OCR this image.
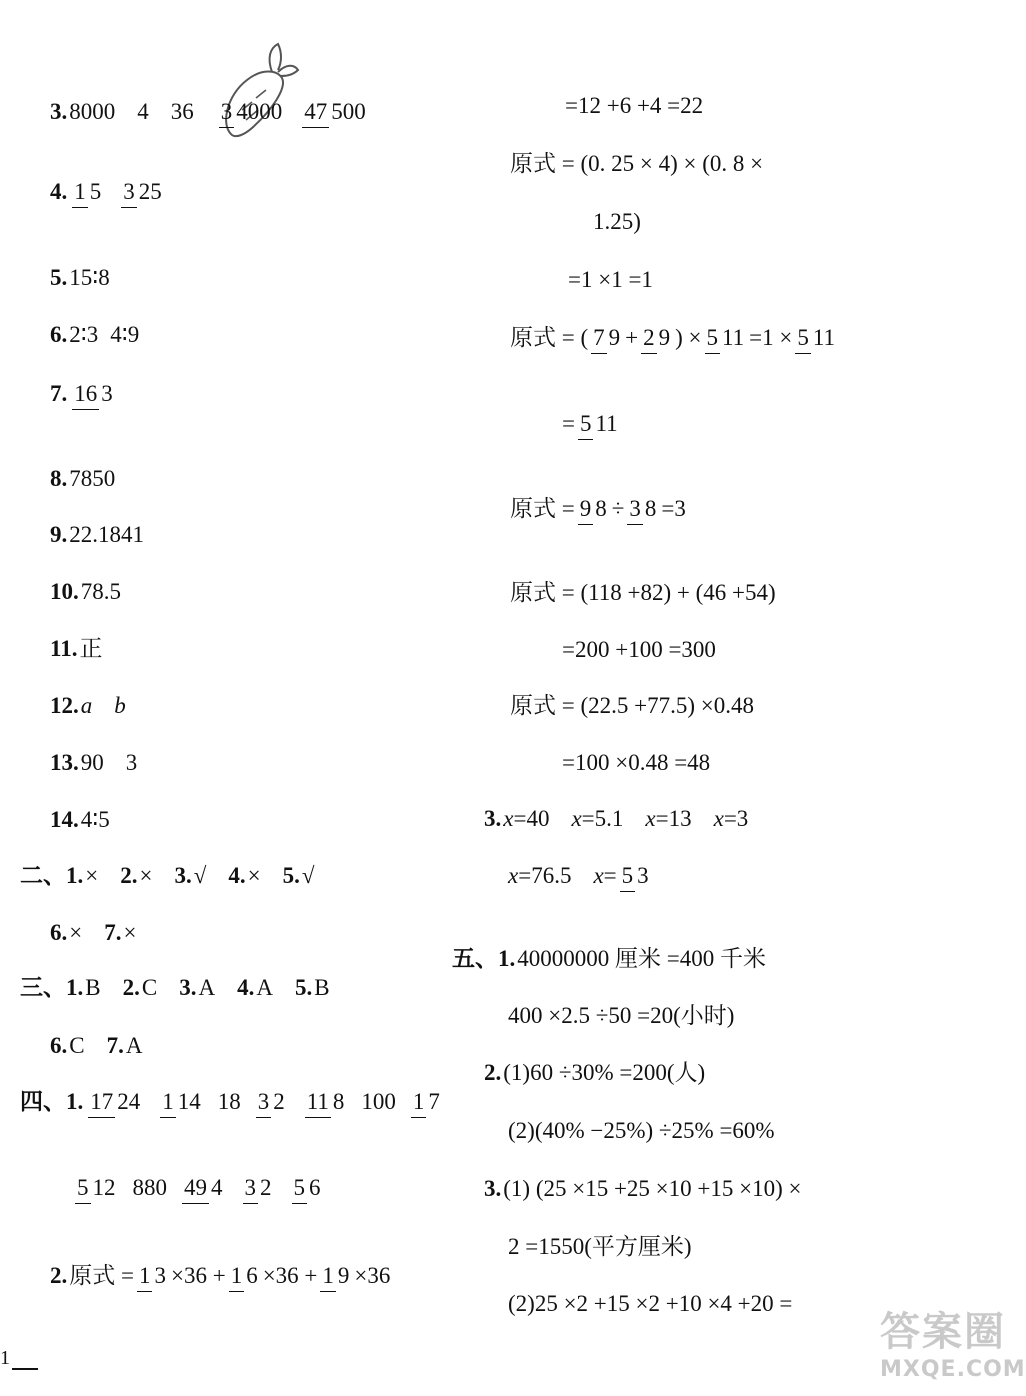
3. 8000 4 36 3 4000 47 500
4. 1 5 3 25
5. 15∶8
6. 2∶3 4∶9
7. 16 3
8. 7850
9. 22.1841
10. 78.5
11. 正
12. a b
13. 90 3
14. 4∶5
二、 1. × 2. × 3. √ 4. × 5. √
6. × 7. ×
三、 1. B 2. C 3. A 4. A 5. B
6. C 7. A
四、 1. 17 24 1 14 18 3 2 11 8 100 1 7
5 12 880 49 4 3 2 5 6
2. 原式 = 1 3 ×36 + 1 6 ×36 + 1 9 ×36
=12 +6 +4 =22
原式 = (0. 25 × 4) × (0. 8 ×
1.25)
=1 ×1 =1
原式 = ( 7 9 + 2 9 ) × 5 11 =1 × 5 11
= 5 11
原式 = 9 8 ÷ 3 8 =3
原式 = (118 +82) + (46 +54)
=200 +100 =300
原式 = (22.5 +77.5) ×0.48
=100 ×0.48 =48
3. x =40 x =5.1 x =13 x =3
x =76.5 x = 5 3
五、 1. 40000000 厘米 =400 千米
400 ×2.5 ÷50 =20(小时)
2. (1)60 ÷30% =200(人)
(2)(40% −25%) ÷25% =60%
3. (1) (25 ×15 +25 ×10 +15 ×10) ×
2 =1550(平方厘米)
(2)25 ×2 +15 ×2 +10 ×4 +20 =
答案圈
MXQE.COM
1
